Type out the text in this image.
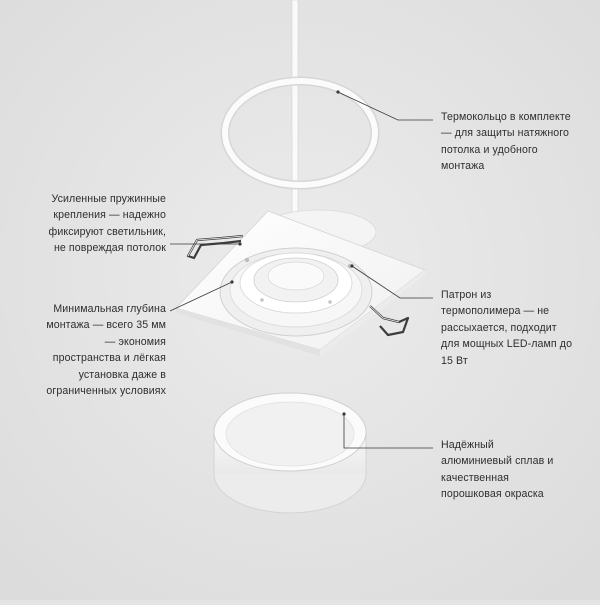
Термокольцо в комплекте — для защиты натяжного потолка и удобного монтажа

Усиленные пружинные крепления — надежно фиксируют светильник, не повреждая потолок

Минимальная глубина монтажа — всего 35 мм — экономия пространства и лёгкая установка даже в ограниченных условиях

Патрон из термополимера — не рассыхается, подходит для мощных LED-ламп до 15 Вт

Надёжный алюминиевый сплав и качественная порошковая окраска
